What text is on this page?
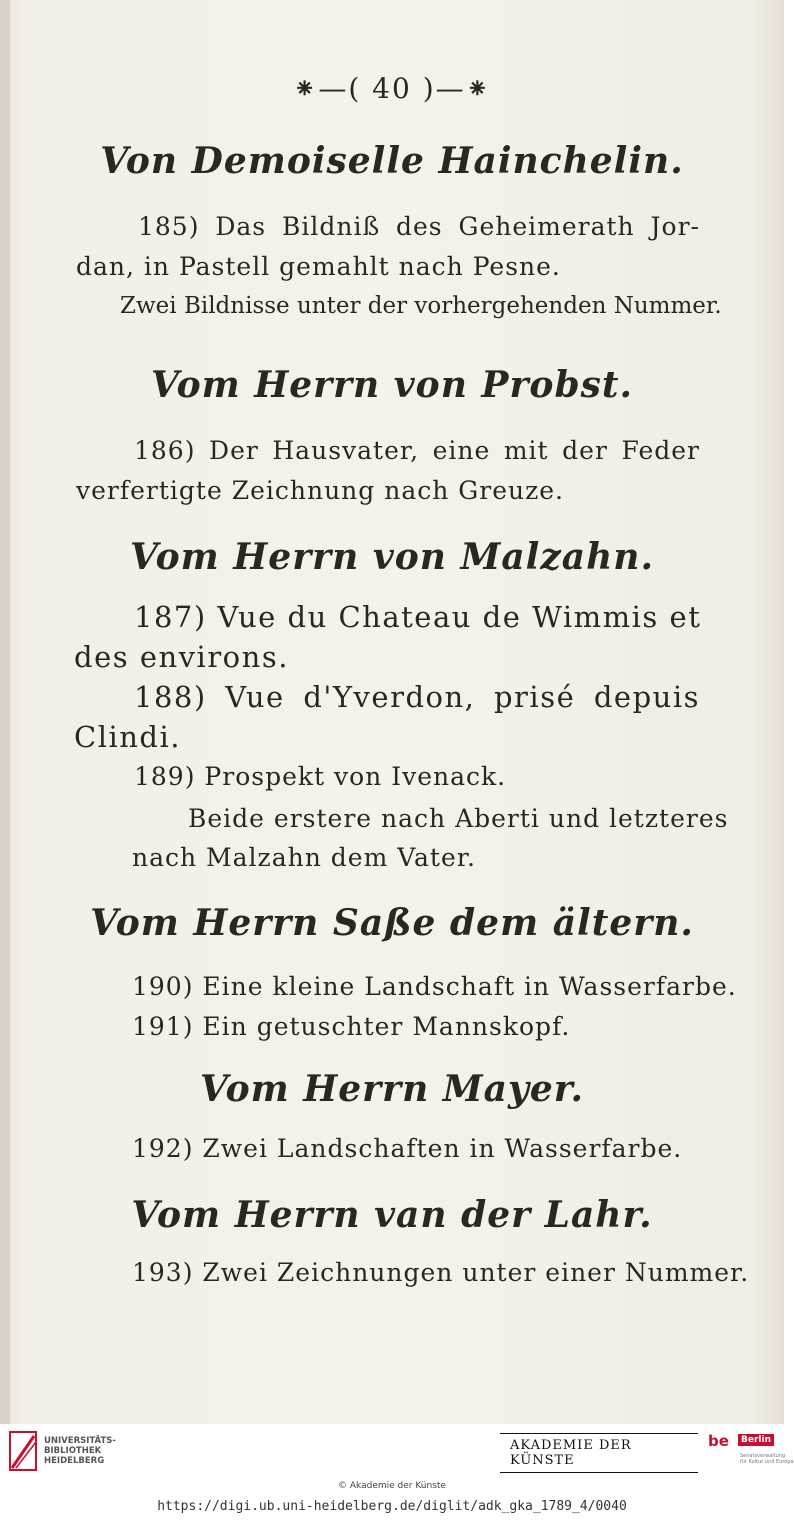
⁕—( 40 )—⁕
Von Demoiselle Hainchelin.
185) Das Bildniß des Geheimerath Jor-
dan, in Pastell gemahlt nach Pesne.
Zwei Bildnisse unter der vorhergehenden Nummer.
Vom Herrn von Probst.
186) Der Hausvater, eine mit der Feder
verfertigte Zeichnung nach Greuze.
Vom Herrn von Malzahn.
187) Vue du Chateau de Wimmis et
des environs.
188) Vue d'Yverdon, prisé depuis
Clindi.
189) Prospekt von Ivenack.
Beide erstere nach Aberti und letzteres
nach Malzahn dem Vater.
Vom Herrn Saße dem ältern.
190) Eine kleine Landschaft in Wasserfarbe.
191) Ein getuschter Mannskopf.
Vom Herrn Mayer.
192) Zwei Landschaften in Wasserfarbe.
Vom Herrn van der Lahr.
193) Zwei Zeichnungen unter einer Nummer.
UNIVERSITÄTS-
BIBLIOTHEK
HEIDELBERG
AKADEMIE DER KÜNSTE
be	Berlin
Senatsverwaltung
für Kultur und Europa
© Akademie der Künste
https://digi.ub.uni-heidelberg.de/diglit/adk_gka_1789_4/0040
